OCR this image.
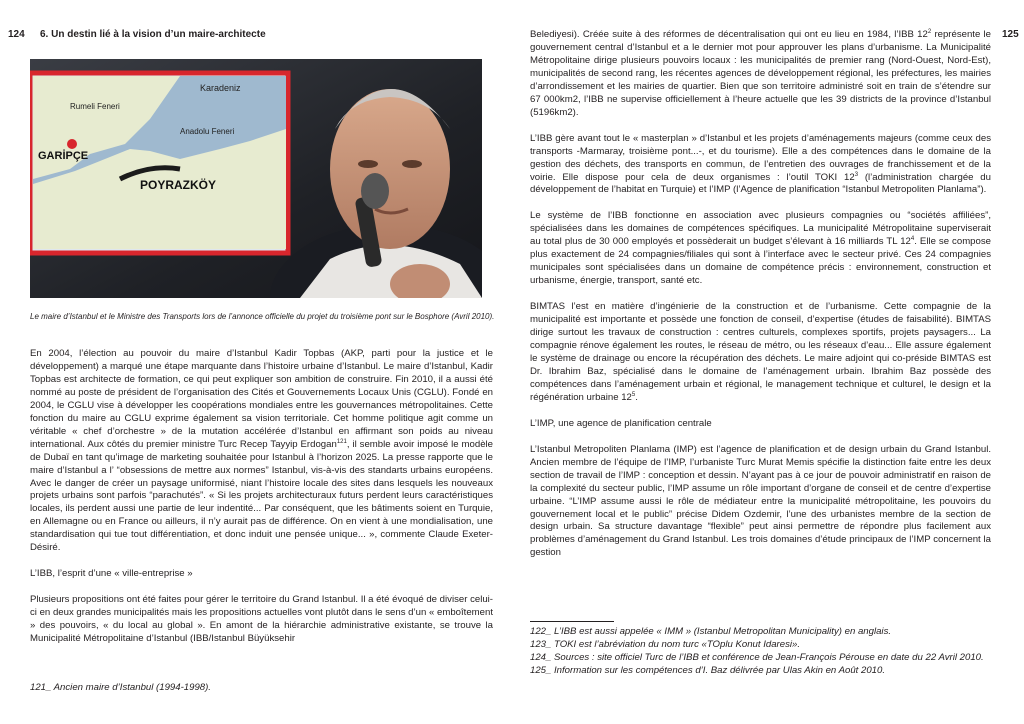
124 6. Un destin lié à la vision d’un maire-architecte
Karadeniz
Rumeli Feneri
Anadolu Feneri
GARİPÇE
POYRAZKÖY
Le maire d’Istanbul et le Ministre des Transports lors de l’annonce officielle du projet du troisième pont sur le Bosphore (Avril 2010).

En 2004, l’élection au pouvoir du maire d’Istanbul Kadir Topbas (AKP, parti pour la justice et le développement) a marqué une étape marquante dans l’histoire urbaine d’Istanbul. Le maire d’Istanbul, Kadir Topbas est architecte de formation, ce qui peut expliquer son ambition de construire. Fin 2010, il a aussi été nommé au poste de président de l’organisation des Cités et Gouvernements Locaux Unis (CGLU). Fondé en 2004, le CGLU vise à développer les coopérations mondiales entre les gouvernances métropolitaines. Cette fonction du maire au CGLU exprime également sa vision territoriale. Cet homme politique agit comme un véritable « chef d’orchestre » de la mutation accélérée d’Istanbul en affirmant son poids au niveau international. Aux côtés du premier ministre Turc Recep Tayyip Erdogan$^{121}$, il semble avoir imposé le modèle de Dubaï en tant qu’image de marketing souhaitée pour Istanbul à l’horizon 2025. La presse rapporte que le maire d’Istanbul a l’ “obsessions de mettre aux normes” Istanbul, vis-à-vis des standarts urbains européens. Avec le danger de créer un paysage uniformisé, niant l’histoire locale des sites dans lesquels les nouveaux projets urbains sont parfois “parachutés”. « Si les projets architecturaux futurs perdent leurs caractéristiques locales, ils perdent aussi une partie de leur indentité... Par conséquent, que les bâtiments soient en Turquie, en Allemagne ou en France ou ailleurs, il n’y aurait pas de différence. On en vient à une mondialisation, une standardisation qui tue tout différentiation, et donc induit une pensée unique... », commente Claude Exeter-Désiré.

L’IBB, l’esprit d’une « ville-entreprise »

Plusieurs propositions ont été faites pour gérer le territoire du Grand Istanbul. Il a été évoqué de diviser celui-ci en deux grandes municipalités mais les propositions actuelles vont plutôt dans le sens d’un « emboîtement » des pouvoirs, « du local au global ». En amont de la hiérarchie administrative existante, se trouve la Municipalité Métropolitaine d’Istanbul (IBB/Istanbul Büyüksehir

121_ Ancien maire d’Istanbul (1994-1998).
125

Belediyesi). Créée suite à des réformes de décentralisation qui ont eu lieu en 1984, l’IBB $12^2$ représente le gouvernement central d’Istanbul et a le dernier mot pour approuver les plans d’urbanisme. La Municipalité Métropolitaine dirige plusieurs pouvoirs locaux : les municipalités de premier rang (Nord-Ouest, Nord-Est), municipalités de second rang, les récentes agences de développement régional, les préfectures, les mairies d’arrondissement et les mairies de quartier. Bien que son territoire administré soit en train de s’étendre sur 67 000km2, l’IBB ne supervise officiellement à l’heure actuelle que les 39 districts de la province d’Istanbul (5196km2).

L’IBB gère avant tout le « masterplan » d’Istanbul et les projets d’aménagements majeurs (comme ceux des transports -Marmaray, troisième pont...-, et du tourisme). Elle a des compétences dans le domaine de la gestion des déchets, des transports en commun, de l’entretien des ouvrages de franchissement et de la voirie. Elle dispose pour cela de deux organismes : l’outil TOKI $12^3$ (l’administration chargée du développement de l’habitat en Turquie) et l’IMP (l’Agence de planification “Istanbul Metropoliten Planlama”).

Le système de l’IBB fonctionne en association avec plusieurs compagnies ou “sociétés affiliées”, spécialisées dans les domaines de compétences spécifiques. La municipalité Métropolitaine superviserait au total plus de 30 000 employés et possèderait un budget s’élevant à 16 milliards TL $12^4$. Elle se compose plus exactement de 24 compagnies/filiales qui sont à l’interface avec le secteur privé. Ces 24 compagnies municipales sont spécialisées dans un domaine de compétence précis : environnement, construction et urbanisme, énergie, transport, santé etc.

BIMTAS l’est en matière d’ingénierie de la construction et de l’urbanisme. Cette compagnie de la municipalité est importante et possède une fonction de conseil, d’expertise (études de faisabilité). BIMTAS dirige surtout les travaux de construction : centres culturels, complexes sportifs, projets paysagers... La compagnie rénove également les routes, le réseau de métro, ou les réseaux d’eau... Elle assure également le système de drainage ou encore la récupération des déchets. Le maire adjoint qui co-préside BIMTAS est Dr. Ibrahim Baz, spécialisé dans le domaine de l’aménagement urbain. Ibrahim Baz possède des compétences dans l’aménagement urbain et régional, le management technique et culturel, le design et la régénération urbaine $12^5$.

L’IMP, une agence de planification centrale

L’Istanbul Metropoliten Planlama (IMP) est l’agence de planification et de design urbain du Grand Istanbul. Ancien membre de l’équipe de l’IMP, l’urbaniste Turc Murat Memis spécifie la distinction faite entre les deux section de travail de l’IMP : conception et dessin. N’ayant pas à ce jour de pouvoir administratif en raison de la complexité du secteur public, l’IMP assume un rôle important d’organe de conseil et de centre d’expertise urbaine. “L’IMP assume aussi le rôle de médiateur entre la municipalité métropolitaine, les pouvoirs du gouvernement local et le public” précise Didem Ozdemir, l’une des urbanistes membre de la section de design urbain. Sa structure davantage “flexible” peut ainsi permettre de répondre plus facilement aux problèmes d’aménagement du Grand Istanbul. Les trois domaines d’étude principaux de l’IMP concernent la gestion

122_ L’IBB est aussi appelée « IMM » (Istanbul Metropolitan Municipality) en anglais.
123_ TOKI est l’abréviation du nom turc «TOplu Konut Idaresi».
124_ Sources : site officiel Turc de l’IBB et conférence de Jean-François Pérouse en date du 22 Avril 2010.
125_ Information sur les compétences d’I. Baz délivrée par Ulas Akin en Août 2010.
